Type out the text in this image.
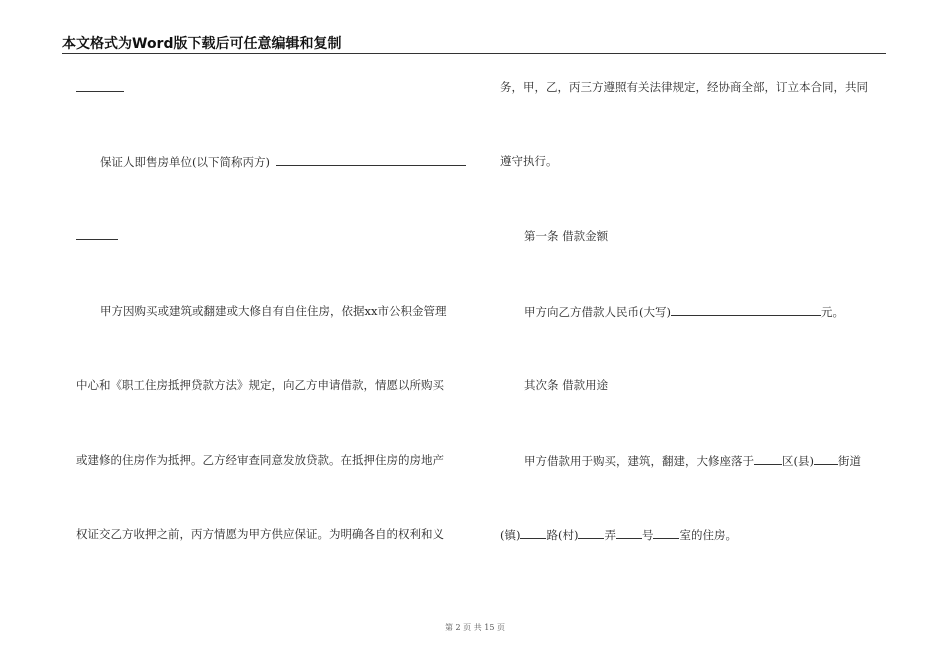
本文格式为Word版下载后可任意编辑和复制
保证人即售房单位(以下简称丙方)
甲方因购买或建筑或翻建或大修自有自住住房，依据xx市公积金管理
中心和《职工住房抵押贷款方法》规定，向乙方申请借款，情愿以所购买
或建修的住房作为抵押。乙方经审查同意发放贷款。在抵押住房的房地产
权证交乙方收押之前，丙方情愿为甲方供应保证。为明确各自的权利和义
务，甲，乙，丙三方遵照有关法律规定，经协商全部，订立本合同，共同
遵守执行。
第一条 借款金额
甲方向乙方借款人民币(大写)	元。
其次条 借款用途
甲方借款用于购买，建筑，翻建，大修座落于 区(县) 街道
(镇) 路(村) 弄 号 室的住房。
第 2 页 共 15 页
